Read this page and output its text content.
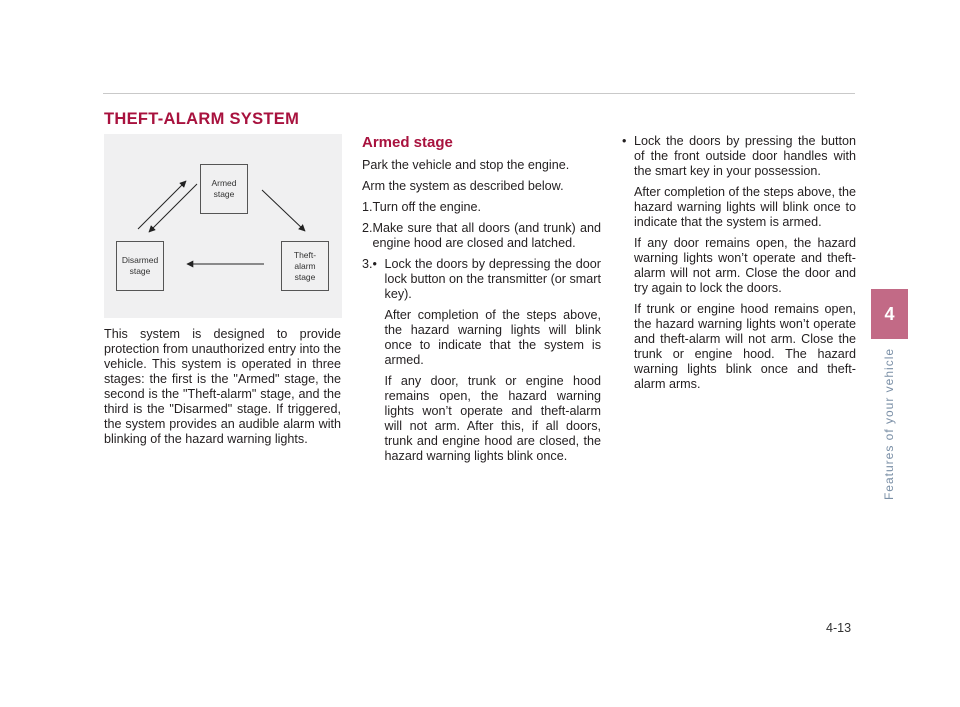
THEFT-ALARM SYSTEM
Armed
stage
Theft-alarm
stage
Disarmed
stage

This system is designed to provide protection from unauthorized entry into the vehicle. This system is operated in three stages: the first is the "Armed" stage, the second is the "Theft-alarm" stage, and the third is the "Disarmed" stage. If triggered, the system provides an audible alarm with blinking of the hazard warning lights.

Armed stage

Park the vehicle and stop the engine.

Arm the system as described below.

1. Turn off the engine.
2. Make sure that all doors (and trunk) and engine hood are closed and latched.
3. • Lock the doors by depressing the door lock button on the transmitter (or smart key).

After completion of the steps above, the hazard warning lights will blink once to indicate that the system is armed.

If any door, trunk or engine hood remains open, the hazard warning lights won’t operate and theft-alarm will not arm. After this, if all doors, trunk and engine hood are closed, the hazard warning lights blink once.

• Lock the doors by pressing the button of the front outside door handles with the smart key in your possession.

After completion of the steps above, the hazard warning lights will blink once to indicate that the system is armed.

If any door remains open, the hazard warning lights won’t operate and theft-alarm will not arm. Close the door and try again to lock the doors.

If trunk or engine hood remains open, the hazard warning lights won’t operate and theft-alarm will not arm. Close the trunk or engine hood. The hazard warning lights blink once and theft-alarm arms.

4
Features of your vehicle
4-13
